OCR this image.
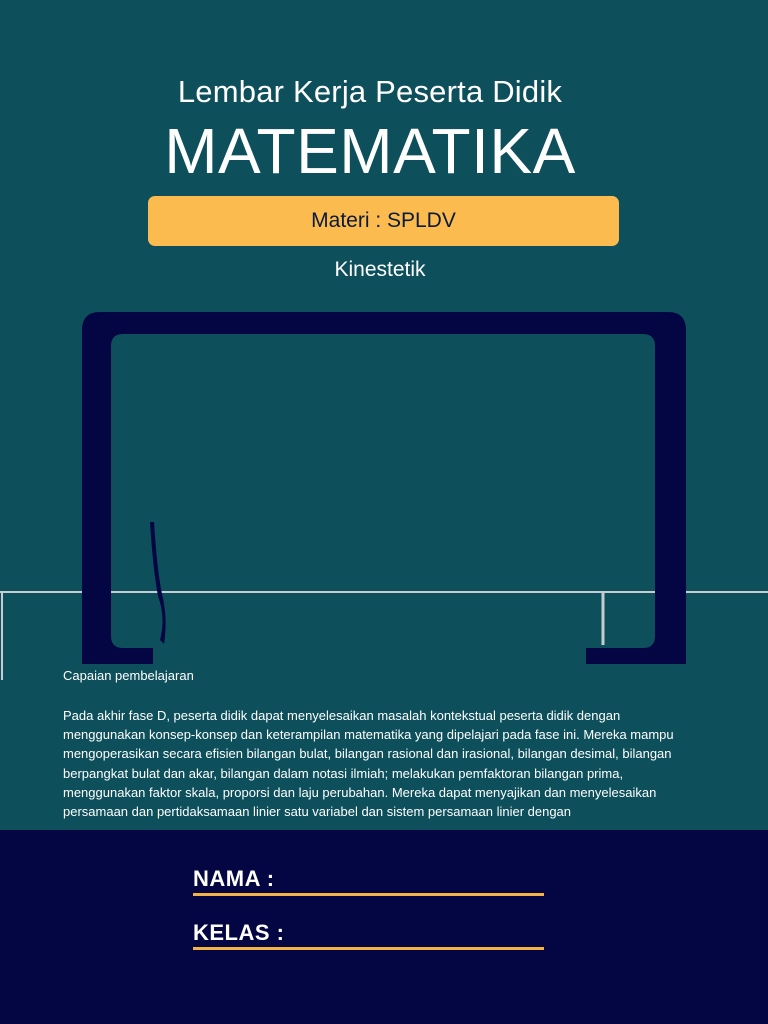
Lembar Kerja Peserta Didik
MATEMATIKA
Materi : SPLDV
Kinestetik
Capaian pembelajaran
Pada akhir fase D, peserta didik dapat menyelesaikan masalah kontekstual peserta didik dengan menggunakan konsep-konsep dan keterampilan matematika yang dipelajari pada fase ini. Mereka mampu mengoperasikan secara efisien bilangan bulat, bilangan rasional dan irasional, bilangan desimal, bilangan berpangkat bulat dan akar, bilangan dalam notasi ilmiah; melakukan pemfaktoran bilangan prima, menggunakan faktor skala, proporsi dan laju perubahan. Mereka dapat menyajikan dan menyelesaikan persamaan dan pertidaksamaan linier satu variabel dan sistem persamaan linier dengan
NAMA :
KELAS :
